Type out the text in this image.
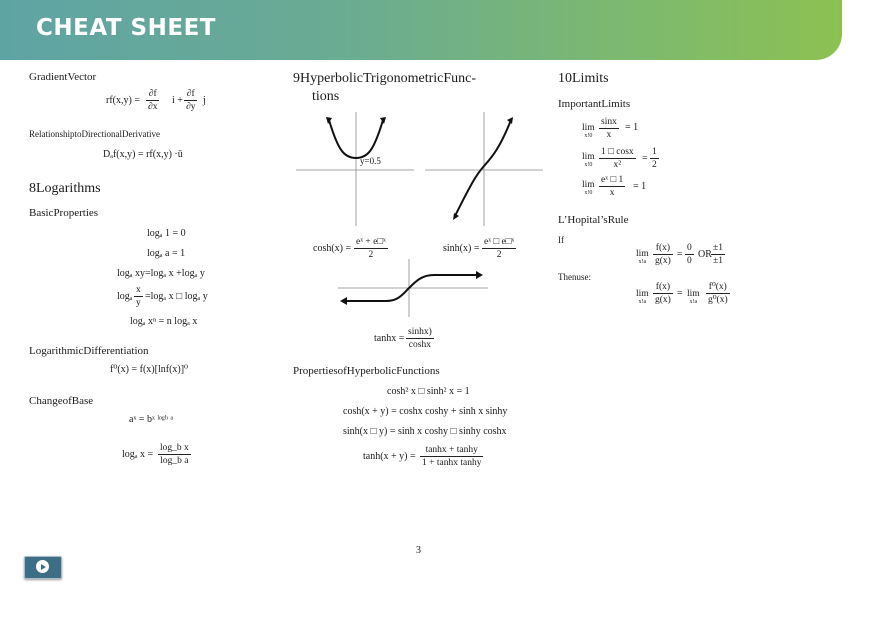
CHEAT SHEET
GradientVector
$rf(x,y) = \frac{\partial f}{\partial x}$ $i + \frac{\partial f}{\partial y}$ j
RelationshiptoDirectionalDerivative
Dₐf(x,y) = rf(x,y) ·ū
8Logarithms
BasicProperties
logₐ 1 = 0
logₐ a = 1
logₐ xy=logₐ x +logₐ y
logₐ $\frac{x}{y} =\log_a$ x □ logₐ y
logₐ xⁿ = n logₐ x
LogarithmicDifferentiation
f⁰(x) = f(x)[lnf(x)]⁰
ChangeofBase
aˣ = bˣ ˡᵒᵍᵇ ᵃ
logₐ $x = \frac{\text{log\_b x}}{\text{log\_b a}}$
9HyperbolicTrigonometricFunc-
tions
y=0.5
$\cosh(x) = \frac{\text{eˣ + e□ˣ}}{2}$	$\sinh(x) = \frac{\text{eˣ □ e□ˣ}}{2}$
$\tanh x = \frac{\sinh x)}{\cosh x}$
PropertiesofHyperbolicFunctions
cosh² x □ sinh² x = 1
cosh(x + y) = coshx coshy + sinh x sinhy
sinh(x □ y) = sinh x coshy □ sinhy coshx
$\tanh(x + y) = \frac{\tanh x + \tanh y}{\text{1 + tanhx tanhy}}$
3
10Limits
ImportantLimits
lim
$x!0 \frac{\sin x}{x} = 1$
lim
$x!0 \frac{1 □ \cos x}{\text{x²}} = \frac{1}{2}$
lim
$x!0 \frac{\text{eˣ □ 1}}{x} = 1$
L’Hopital’sRule
If
lim
$x!a \frac{f(x)}{g(x)} = \frac{0}{0}$ OR $\frac{\pm 1}{\pm 1}$
Thenuse:
lim
$x!a \frac{f(x)}{g(x)} = \lim$
$x!a \frac{\text{f⁰(x)}}{\text{g⁰(x)}}$
